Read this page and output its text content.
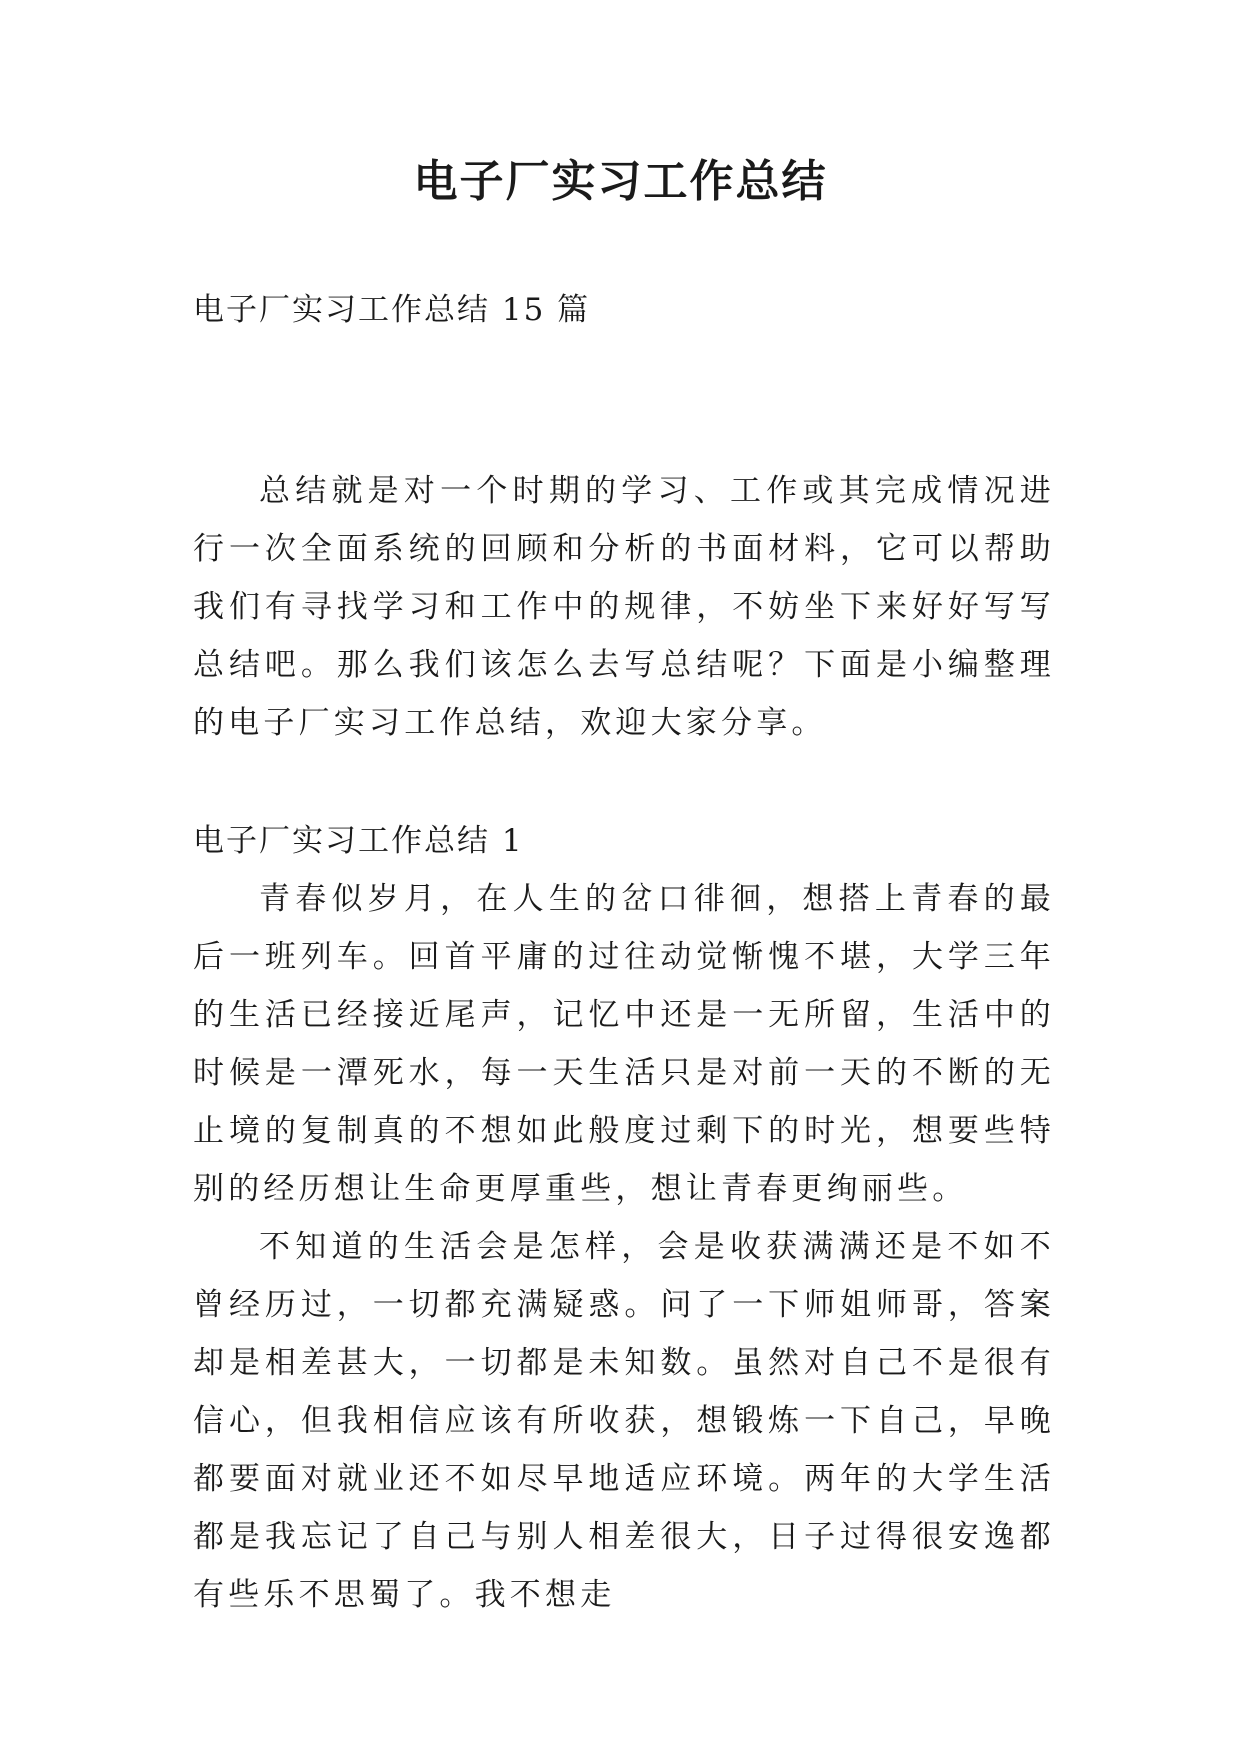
电子厂实习工作总结
电子厂实习工作总结 15 篇

总结就是对一个时期的学习、工作或其完成情况进行一次全面系统的回顾和分析的书面材料，它可以帮助我们有寻找学习和工作中的规律，不妨坐下来好好写写总结吧。那么我们该怎么去写总结呢？下面是小编整理的电子厂实习工作总结，欢迎大家分享。

电子厂实习工作总结 1

青春似岁月，在人生的岔口徘徊，想搭上青春的最后一班列车。回首平庸的过往动觉惭愧不堪，大学三年的生活已经接近尾声，记忆中还是一无所留，生活中的时候是一潭死水，每一天生活只是对前一天的不断的无止境的复制真的不想如此般度过剩下的时光，想要些特别的经历想让生命更厚重些，想让青春更绚丽些。

不知道的生活会是怎样，会是收获满满还是不如不曾经历过，一切都充满疑惑。问了一下师姐师哥，答案却是相差甚大，一切都是未知数。虽然对自己不是很有信心，但我相信应该有所收获，想锻炼一下自己，早晚都要面对就业还不如尽早地适应环境。两年的大学生活都是我忘记了自己与别人相差很大，日子过得很安逸都有些乐不思蜀了。我不想走
